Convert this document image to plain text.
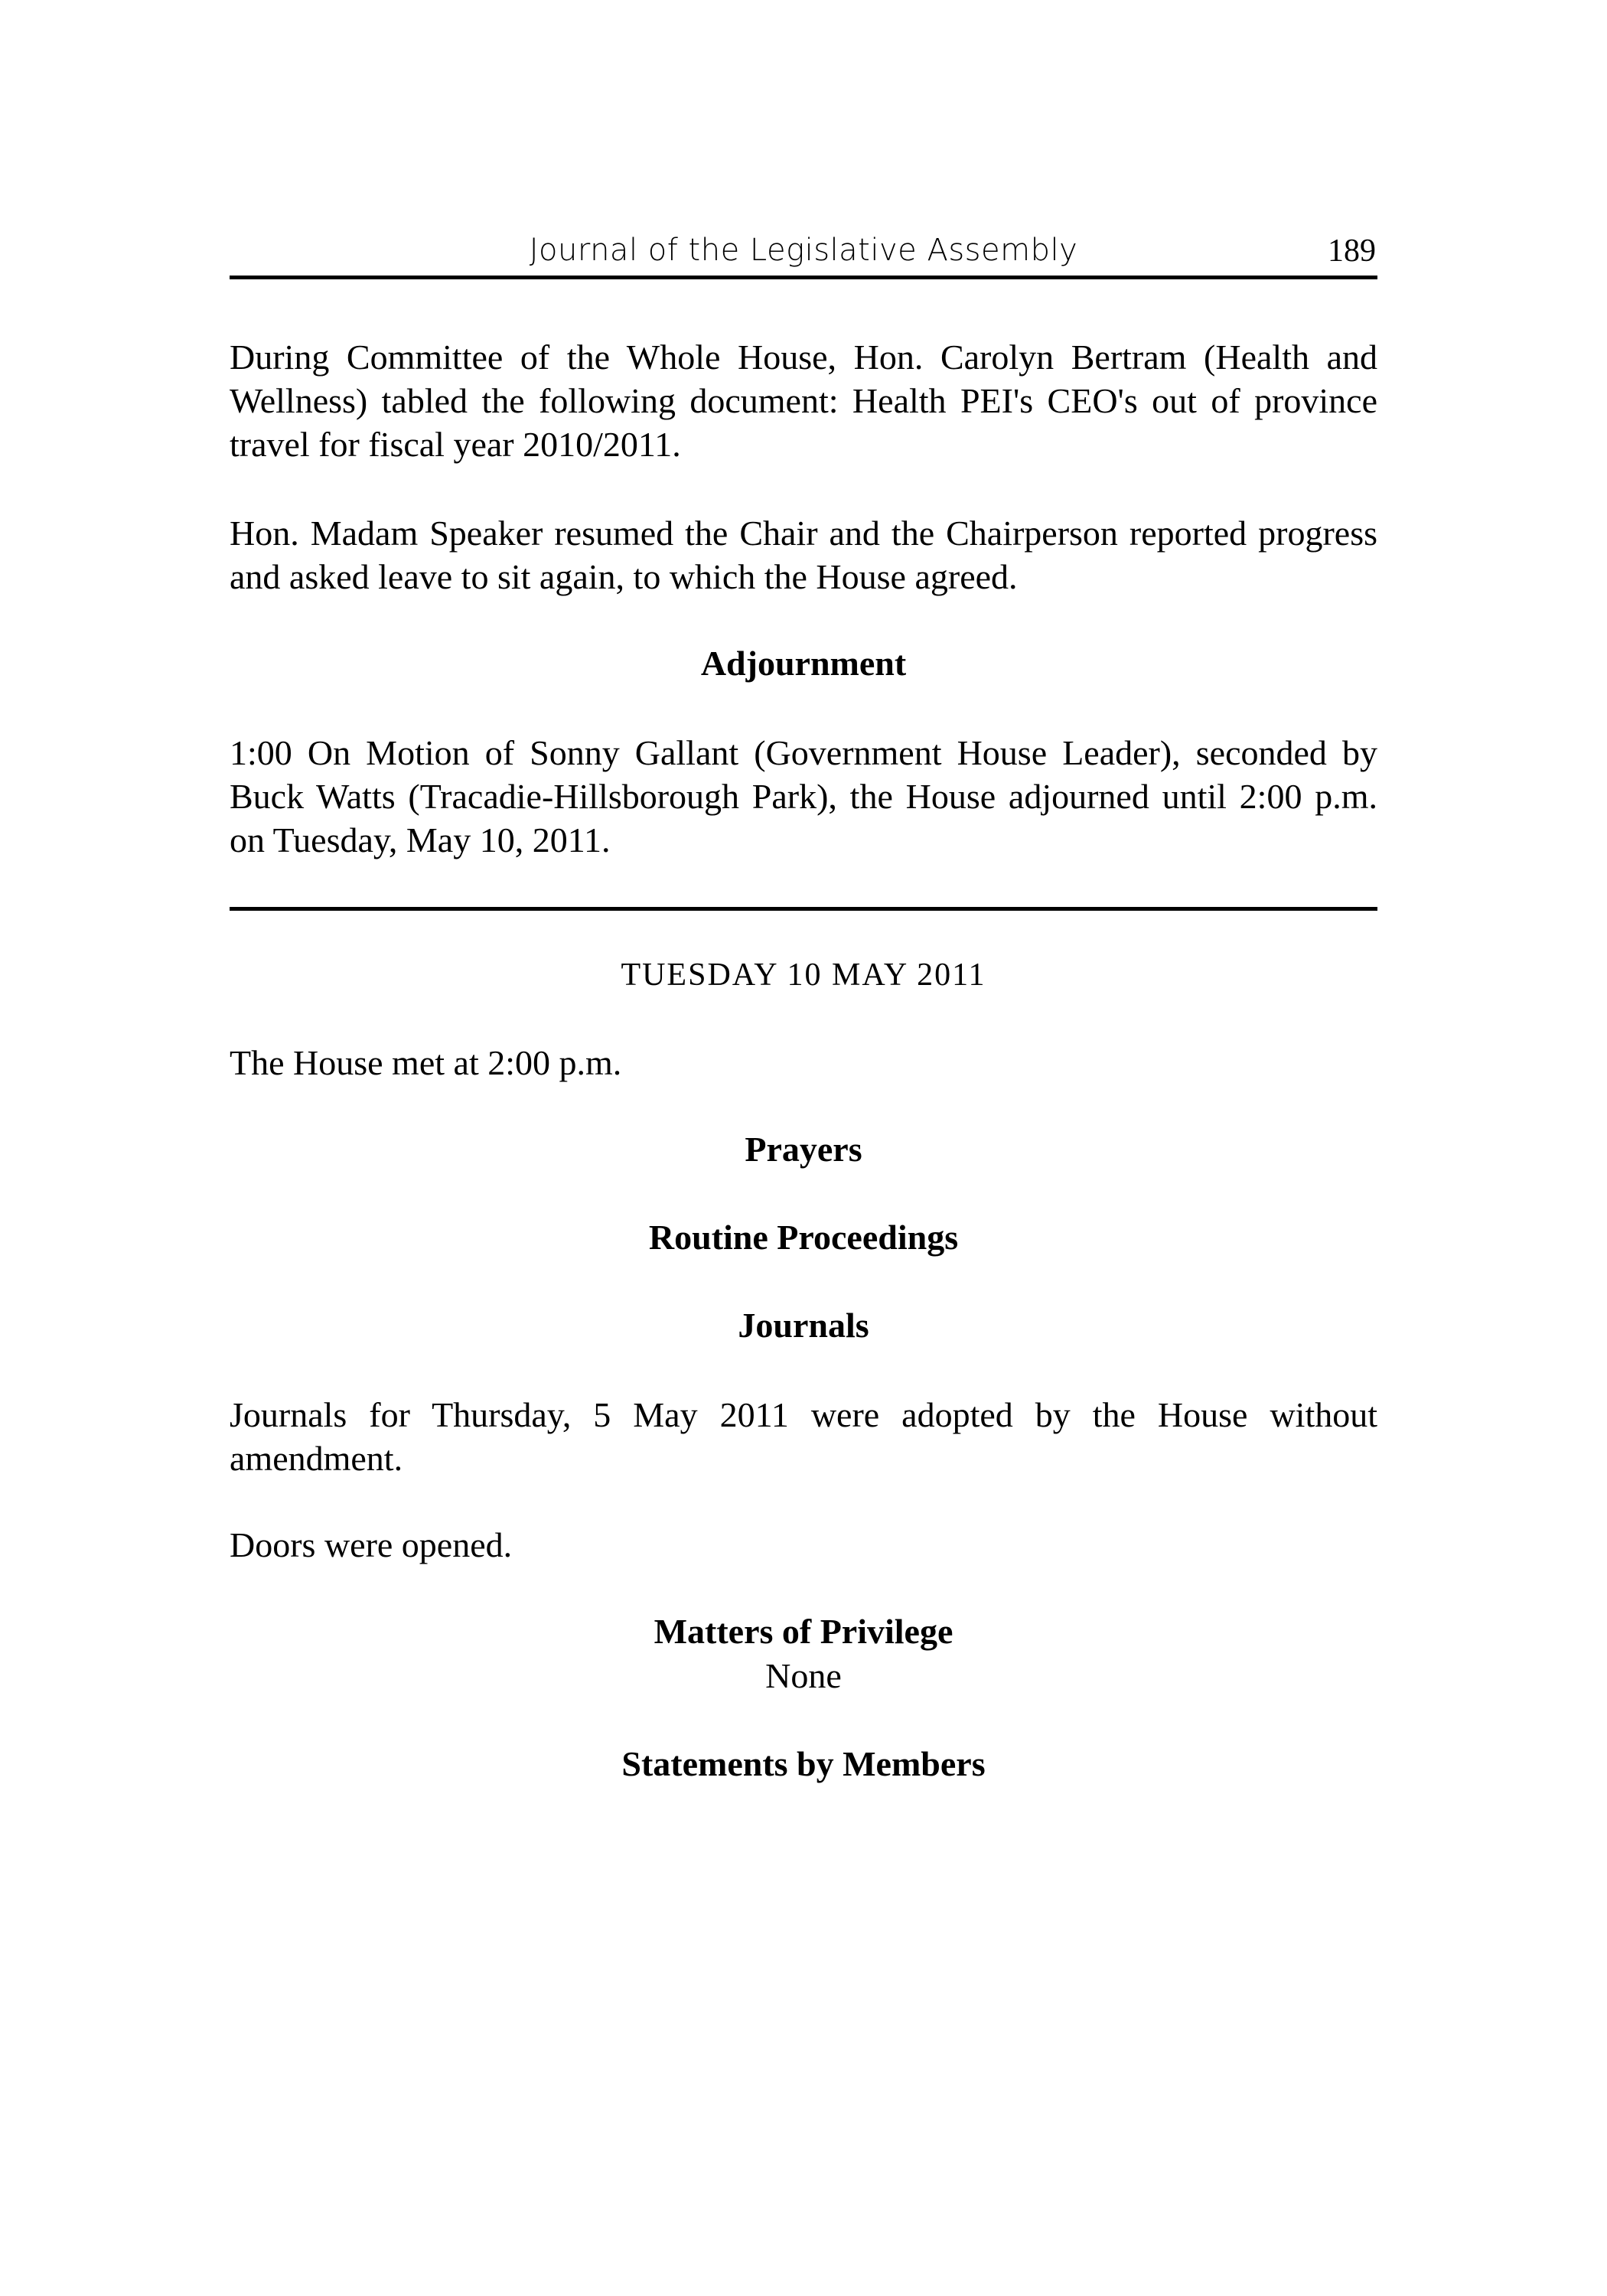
Journal of the Legislative Assembly	189

During Committee of the Whole House, Hon. Carolyn Bertram (Health and Wellness) tabled the following document: Health PEI's CEO's out of province travel for fiscal year 2010/2011.

Hon. Madam Speaker resumed the Chair and the Chairperson reported progress and asked leave to sit again, to which the House agreed.

Adjournment

1:00 On Motion of Sonny Gallant (Government House Leader), seconded by Buck Watts (Tracadie-Hillsborough Park), the House adjourned until 2:00 p.m. on Tuesday, May 10, 2011.

TUESDAY 10 MAY 2011

The House met at 2:00 p.m.

Prayers
Routine Proceedings
Journals

Journals for Thursday, 5 May 2011 were adopted by the House without amendment.

Doors were opened.

Matters of Privilege

None

Statements by Members
